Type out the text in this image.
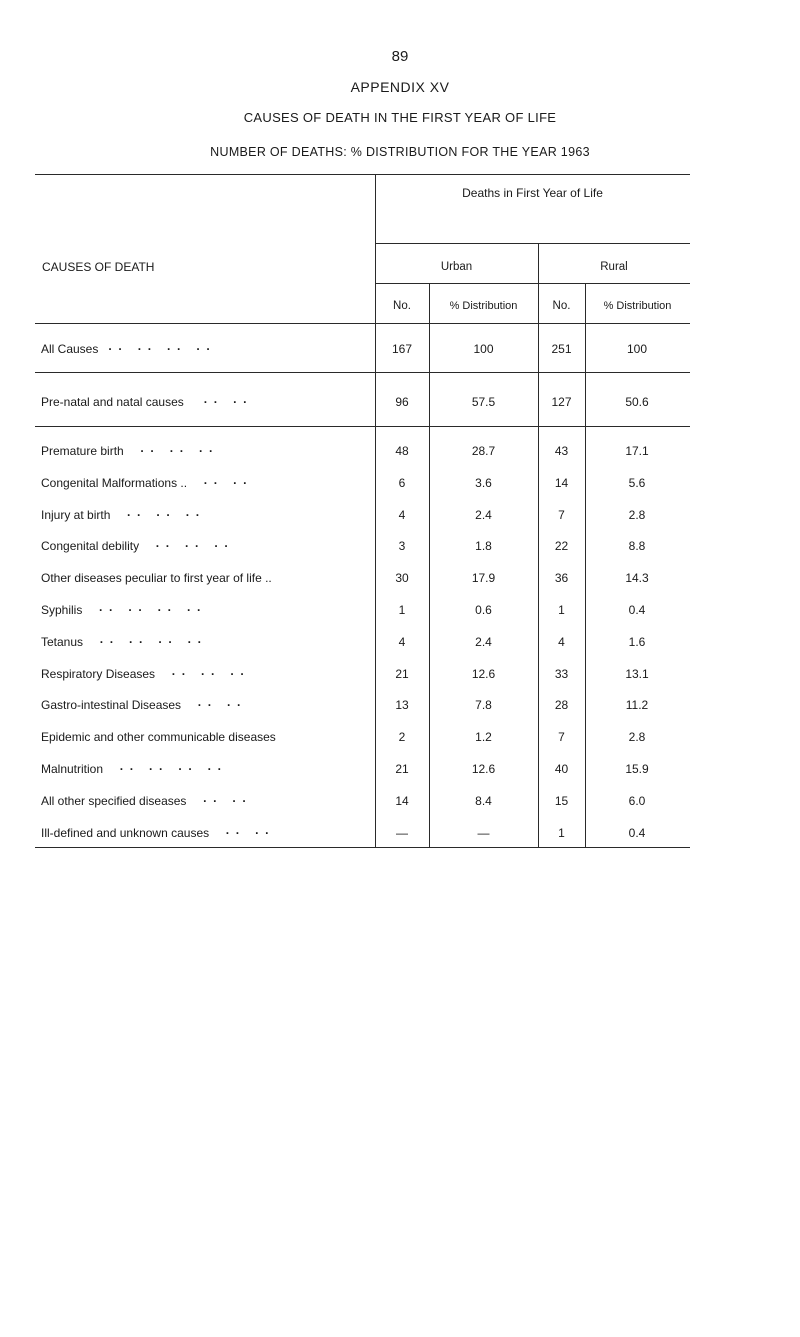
89
APPENDIX XV
CAUSES OF DEATH IN THE FIRST YEAR OF LIFE
NUMBER OF DEATHS: % DISTRIBUTION FOR THE YEAR 1963
CAUSES OF DEATH
Deaths in First Year of Life
Urban	Rural
No.	% Distribution	No.	% Distribution
All Causes ·· ·· ·· ··	167	100	251	100
Pre-natal and natal causes ·· ··	96	57.5	127	50.6
Premature birth ·· ·· ··	48	28.7	43	17.1
Congenital Malformations .. ·· ··	6	3.6	14	5.6
Injury at birth ·· ·· ··	4	2.4	7	2.8
Congenital debility ·· ·· ··	3	1.8	22	8.8
Other diseases peculiar to first year of life ..	30	17.9	36	14.3
Syphilis ·· ·· ·· ··	1	0.6	1	0.4
Tetanus ·· ·· ·· ··	4	2.4	4	1.6
Respiratory Diseases ·· ·· ··	21	12.6	33	13.1
Gastro-intestinal Diseases ·· ··	13	7.8	28	11.2
Epidemic and other communicable diseases	2	1.2	7	2.8
Malnutrition ·· ·· ·· ··	21	12.6	40	15.9
All other specified diseases ·· ··	14	8.4	15	6.0
Ill-defined and unknown causes ·· ··	—	—	1	0.4
